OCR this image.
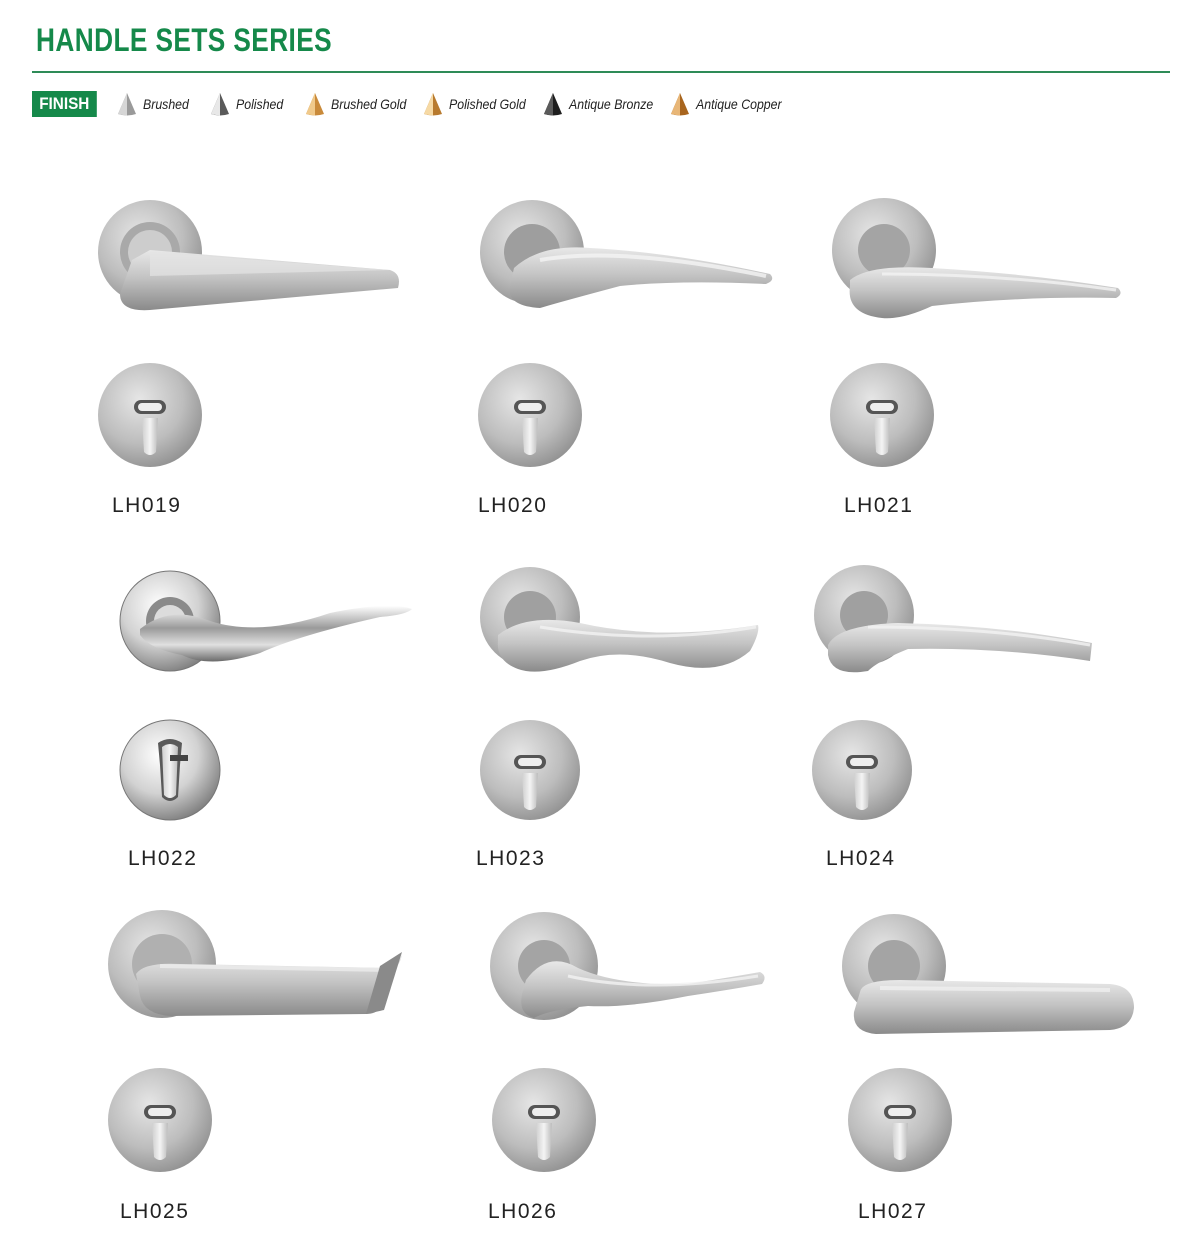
HANDLE SETS SERIES
FINISH	Brushed	Polished	Brushed Gold	Polished Gold	Antique Bronze	Antique Copper
LH019	LH020	LH021
LH022	LH023	LH024
LH025	LH026	LH027
